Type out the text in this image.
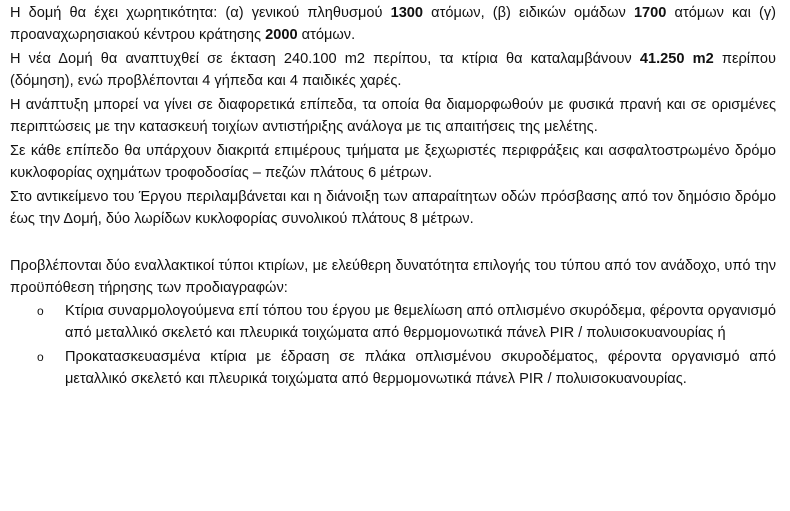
Η δομή θα έχει χωρητικότητα: (α) γενικού πληθυσμού 1300 ατόμων, (β) ειδικών ομάδων 1700 ατόμων και (γ) προαναχωρησιακού κέντρου κράτησης 2000 ατόμων.

Η νέα Δομή θα αναπτυχθεί σε έκταση 240.100 m2 περίπου, τα κτίρια θα καταλαμβάνουν 41.250 m2 περίπου (δόμηση), ενώ προβλέπονται 4 γήπεδα και 4 παιδικές χαρές.

Η ανάπτυξη μπορεί να γίνει σε διαφορετικά επίπεδα, τα οποία θα διαμορφωθούν με φυσικά πρανή και σε ορισμένες περιπτώσεις με την κατασκευή τοιχίων αντιστήριξης ανάλογα με τις απαιτήσεις της μελέτης.

Σε κάθε επίπεδο θα υπάρχουν διακριτά επιμέρους τμήματα με ξεχωριστές περιφράξεις και ασφαλτοστρωμένο δρόμο κυκλοφορίας οχημάτων τροφοδοσίας – πεζών πλάτους 6 μέτρων.

Στο αντικείμενο του Έργου περιλαμβάνεται και η διάνοιξη των απαραίτητων οδών πρόσβασης από τον δημόσιο δρόμο έως την Δομή, δύο λωρίδων κυκλοφορίας συνολικού πλάτους 8 μέτρων.

Προβλέπονται δύο εναλλακτικοί τύποι κτιρίων, με ελεύθερη δυνατότητα επιλογής του τύπου από τον ανάδοχο, υπό την προϋπόθεση τήρησης των προδιαγραφών:

o Κτίρια συναρμολογούμενα επί τόπου του έργου με θεμελίωση από οπλισμένο σκυρόδεμα, φέροντα οργανισμό από μεταλλικό σκελετό και πλευρικά τοιχώματα από θερμομονωτικά πάνελ PIR / πολυισοκυανουρίας ή
o Προκατασκευασμένα κτίρια με έδραση σε πλάκα οπλισμένου σκυροδέματος, φέροντα οργανισμό από μεταλλικό σκελετό και πλευρικά τοιχώματα από θερμομονωτικά πάνελ PIR / πολυισοκυανουρίας.
